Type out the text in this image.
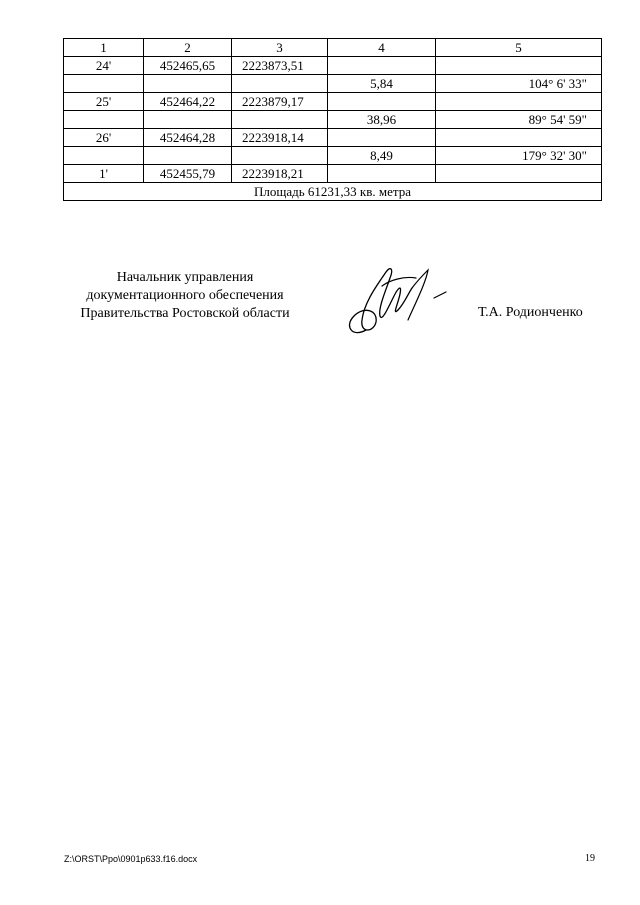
1	2	3	4	5
24'	452465,65	2223873,51		
			5,84	104° 6' 33"
25'	452464,22	2223879,17		
			38,96	89° 54' 59"
26'	452464,28	2223918,14		
			8,49	179° 32' 30"
1'	452455,79	2223918,21		
Площадь 61231,33 кв. метра				
Начальник управления
документационного обеспечения
Правительства Ростовской области	Т.А. Родионченко
Z:\ORST\Ppo\0901p633.f16.docx	19
